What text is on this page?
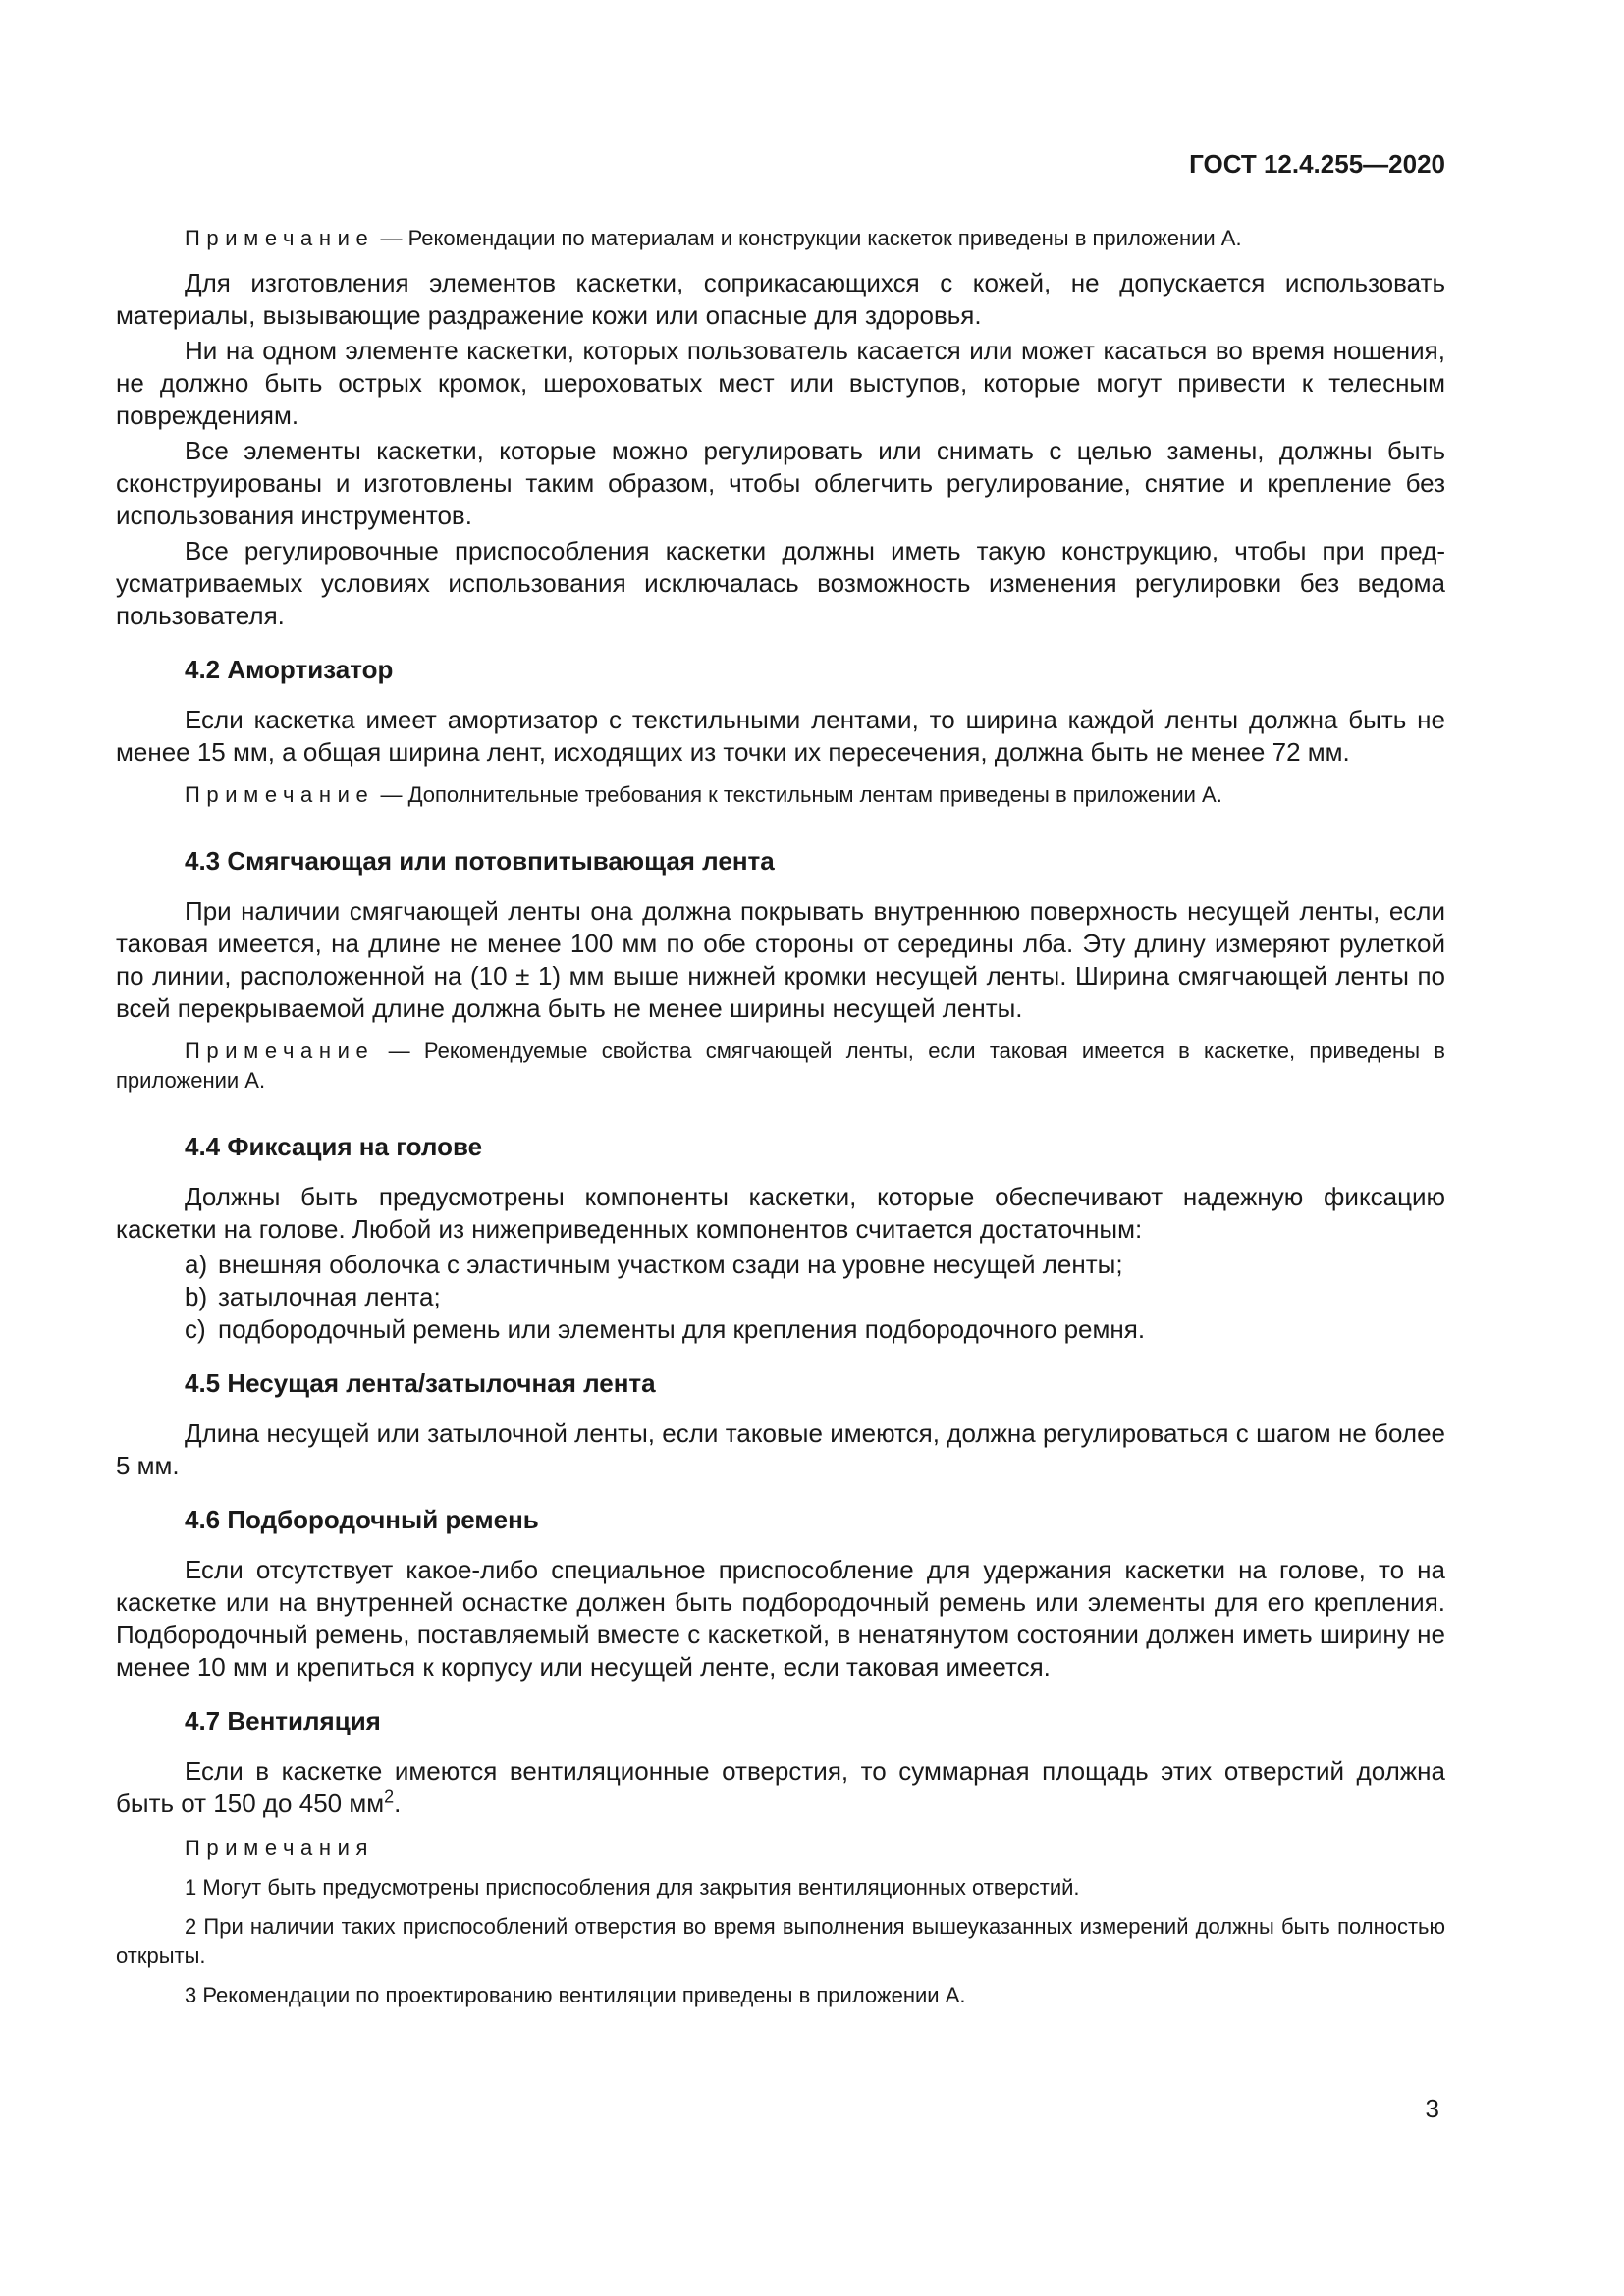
ГОСТ 12.4.255—2020

Примечание — Рекомендации по материалам и конструкции каскеток приведены в приложении А.

Для изготовления элементов каскетки, соприкасающихся с кожей, не допускается использовать материалы, вызывающие раздражение кожи или опасные для здоровья.

Ни на одном элементе каскетки, которых пользователь касается или может касаться во время ношения, не должно быть острых кромок, шероховатых мест или выступов, которые могут привести к телесным повреждениям.

Все элементы каскетки, которые можно регулировать или снимать с целью замены, должны быть сконструированы и изготовлены таким образом, чтобы облегчить регулирование, снятие и крепление без использования инструментов.

Все регулировочные приспособления каскетки должны иметь такую конструкцию, чтобы при предусматриваемых условиях использования исключалась возможность изменения регулировки без ведома пользователя.

4.2 Амортизатор

Если каскетка имеет амортизатор с текстильными лентами, то ширина каждой ленты должна быть не менее 15 мм, а общая ширина лент, исходящих из точки их пересечения, должна быть не менее 72 мм.

Примечание — Дополнительные требования к текстильным лентам приведены в приложении А.

4.3 Смягчающая или потовпитывающая лента

При наличии смягчающей ленты она должна покрывать внутреннюю поверхность несущей ленты, если таковая имеется, на длине не менее 100 мм по обе стороны от середины лба. Эту длину измеряют рулеткой по линии, расположенной на (10 ± 1) мм выше нижней кромки несущей ленты. Ширина смягчающей ленты по всей перекрываемой длине должна быть не менее ширины несущей ленты.

Примечание — Рекомендуемые свойства смягчающей ленты, если таковая имеется в каскетке, приведены в приложении А.

4.4 Фиксация на голове

Должны быть предусмотрены компоненты каскетки, которые обеспечивают надежную фиксацию каскетки на голове. Любой из нижеприведенных компонентов считается достаточным:

a) внешняя оболочка с эластичным участком сзади на уровне несущей ленты;

b) затылочная лента;

c) подбородочный ремень или элементы для крепления подбородочного ремня.

4.5 Несущая лента/затылочная лента

Длина несущей или затылочной ленты, если таковые имеются, должна регулироваться с шагом не более 5 мм.

4.6 Подбородочный ремень

Если отсутствует какое-либо специальное приспособление для удержания каскетки на голове, то на каскетке или на внутренней оснастке должен быть подбородочный ремень или элементы для его крепления. Подбородочный ремень, поставляемый вместе с каскеткой, в ненатянутом состоянии должен иметь ширину не менее 10 мм и крепиться к корпусу или несущей ленте, если таковая имеется.

4.7 Вентиляция

Если в каскетке имеются вентиляционные отверстия, то суммарная площадь этих отверстий должна быть от 150 до 450 $мм^2$.

Примечания

1 Могут быть предусмотрены приспособления для закрытия вентиляционных отверстий.

2 При наличии таких приспособлений отверстия во время выполнения вышеуказанных измерений должны быть полностью открыты.

3 Рекомендации по проектированию вентиляции приведены в приложении А.

3
